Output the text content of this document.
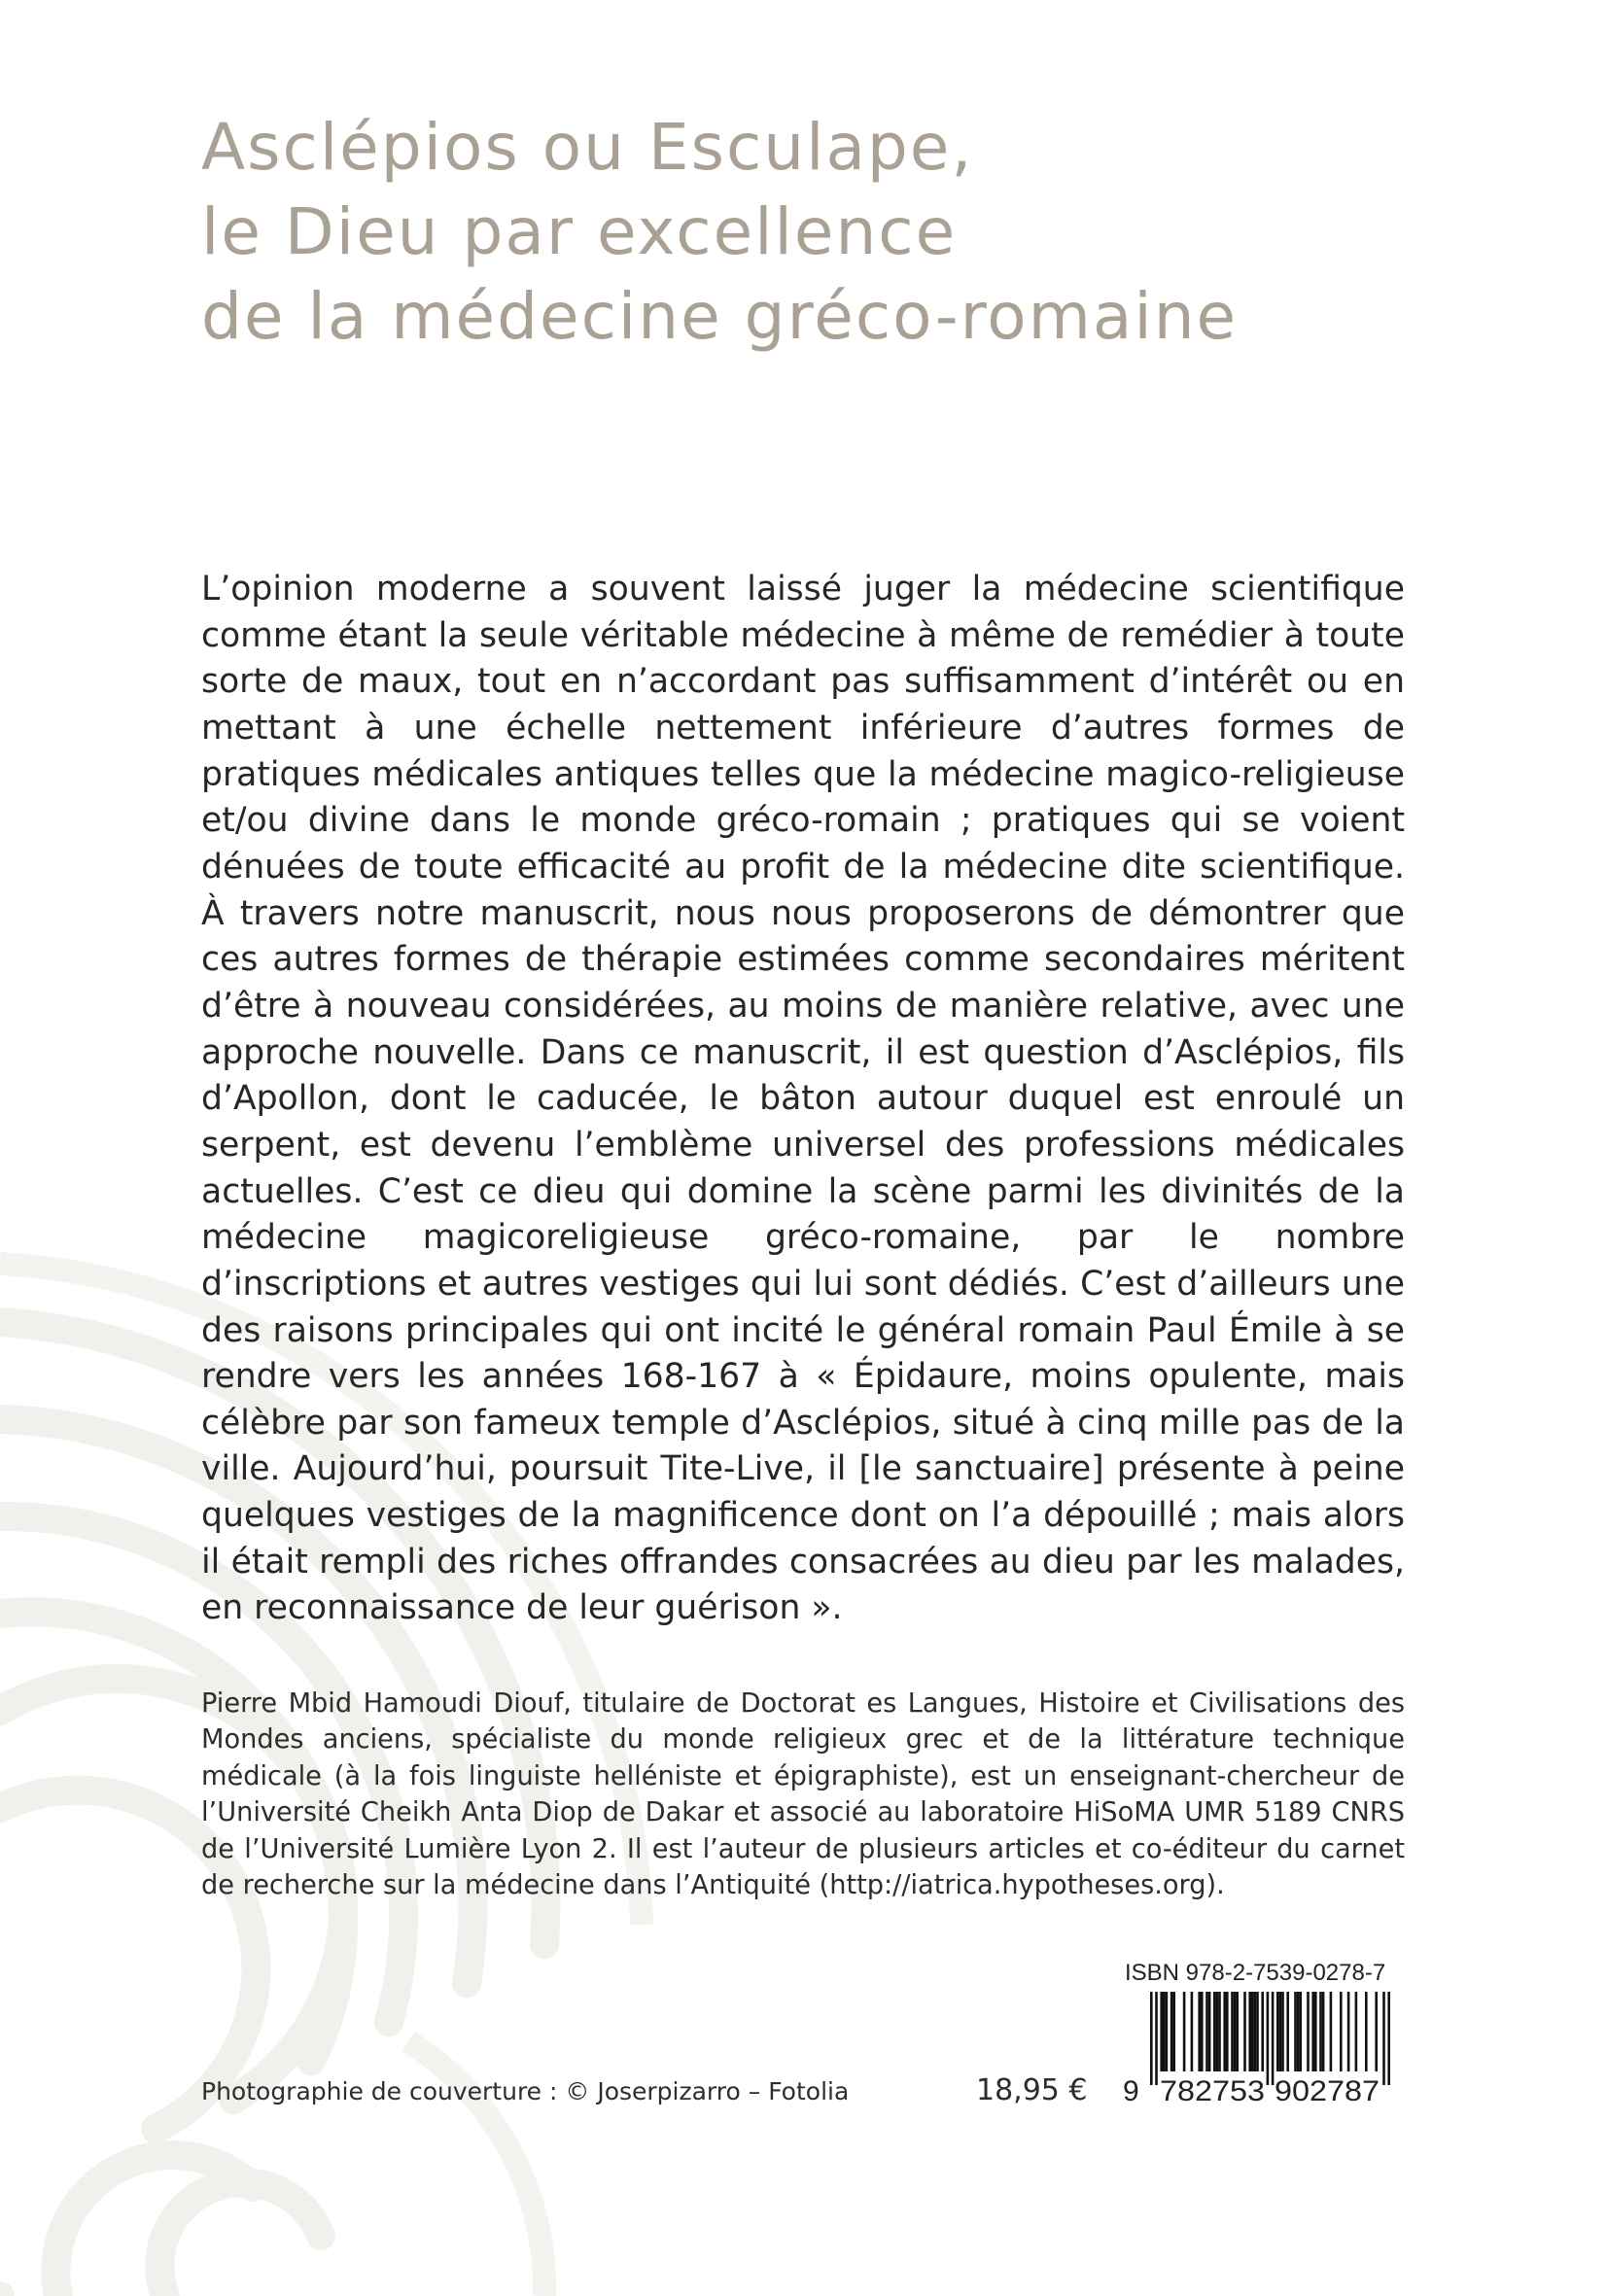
Asclépios ou Esculape,
le Dieu par excellence
de la médecine gréco-romaine

L’opinion moderne a souvent laissé juger la médecine scientifique comme étant la seule véritable médecine à même de remédier à toute sorte de maux, tout en n’accordant pas suffisamment d’intérêt ou en mettant à une échelle nettement inférieure d’autres formes de pratiques médicales antiques telles que la médecine magico-religieuse et/ou divine dans le monde gréco-romain ; pratiques qui se voient dénuées de toute efficacité au profit de la médecine dite scientifique. À travers notre manuscrit, nous nous proposerons de démontrer que ces autres formes de thérapie estimées comme secondaires méritent d’être à nouveau considérées, au moins de manière relative, avec une approche nouvelle. Dans ce manuscrit, il est question d’Asclépios, fils d’Apollon, dont le caducée, le bâton autour duquel est enroulé un serpent, est devenu l’emblème universel des professions médicales actuelles. C’est ce dieu qui domine la scène parmi les divinités de la médecine magicoreligieuse gréco-romaine, par le nombre d’inscriptions et autres vestiges qui lui sont dédiés. C’est d’ailleurs une des raisons principales qui ont incité le général romain Paul Émile à se rendre vers les années 168-167 à « Épidaure, moins opulente, mais célèbre par son fameux temple d’Asclépios, situé à cinq mille pas de la ville. Aujourd’hui, poursuit Tite-Live, il [le sanctuaire] présente à peine quelques vestiges de la magnificence dont on l’a dépouillé ; mais alors il était rempli des riches offrandes consacrées au dieu par les malades, en reconnaissance de leur guérison ».

Pierre Mbid Hamoudi Diouf, titulaire de Doctorat es Langues, Histoire et Civilisations des Mondes anciens, spécialiste du monde religieux grec et de la littérature technique médicale (à la fois linguiste helléniste et épigraphiste), est un enseignant-chercheur de l’Université Cheikh Anta Diop de Dakar et associé au laboratoire HiSoMA UMR 5189 CNRS de l’Université Lumière Lyon 2. Il est l’auteur de plusieurs articles et co-éditeur du carnet de recherche sur la médecine dans l’Antiquité (http://iatrica.hypotheses.org).

Photographie de couverture : © Joserpizarro – Fotolia	18,95 €
ISBN 978-2-7539-0278-7
9 782753 902787
